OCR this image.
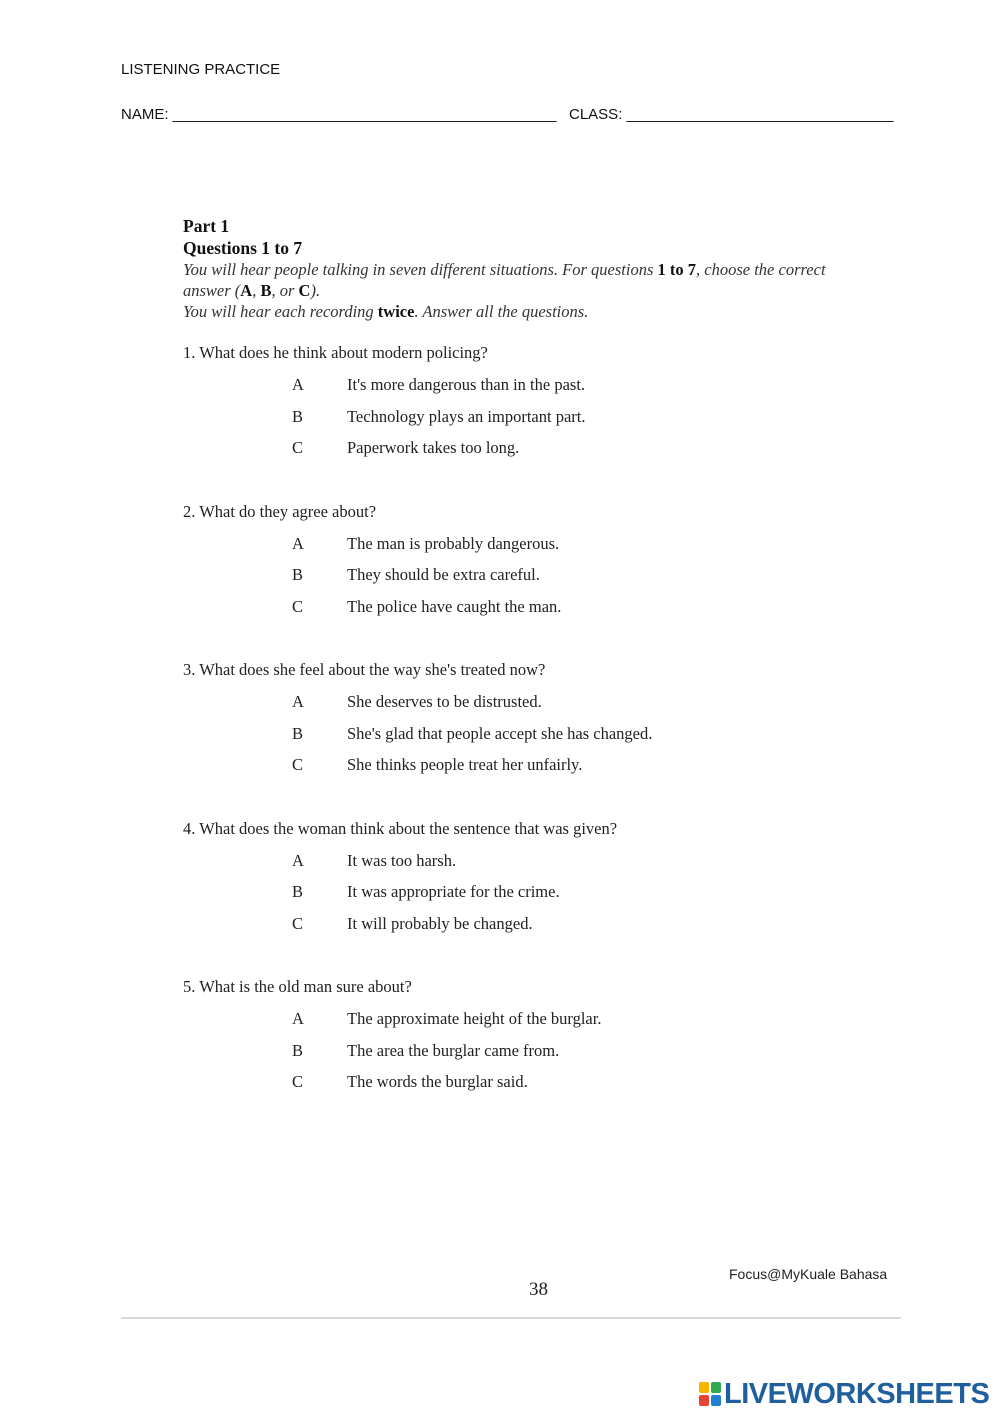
LISTENING PRACTICE
NAME: ______________________________________________ CLASS: ________________________________
Part 1
Questions 1 to 7
You will hear people talking in seven different situations. For questions 1 to 7, choose the correct answer (A, B, or C).
You will hear each recording twice. Answer all the questions.
1. What does he think about modern policing?
A	It's more dangerous than in the past.
B	Technology plays an important part.
C	Paperwork takes too long.
2. What do they agree about?
A	The man is probably dangerous.
B	They should be extra careful.
C	The police have caught the man.
3. What does she feel about the way she's treated now?
A	She deserves to be distrusted.
B	She's glad that people accept she has changed.
C	She thinks people treat her unfairly.
4. What does the woman think about the sentence that was given?
A	It was too harsh.
B	It was appropriate for the crime.
C	It will probably be changed.
5. What is the old man sure about?
A	The approximate height of the burglar.
B	The area the burglar came from.
C	The words the burglar said.
38
Focus@MyKuale Bahasa
LIVEWORKSHEETS
